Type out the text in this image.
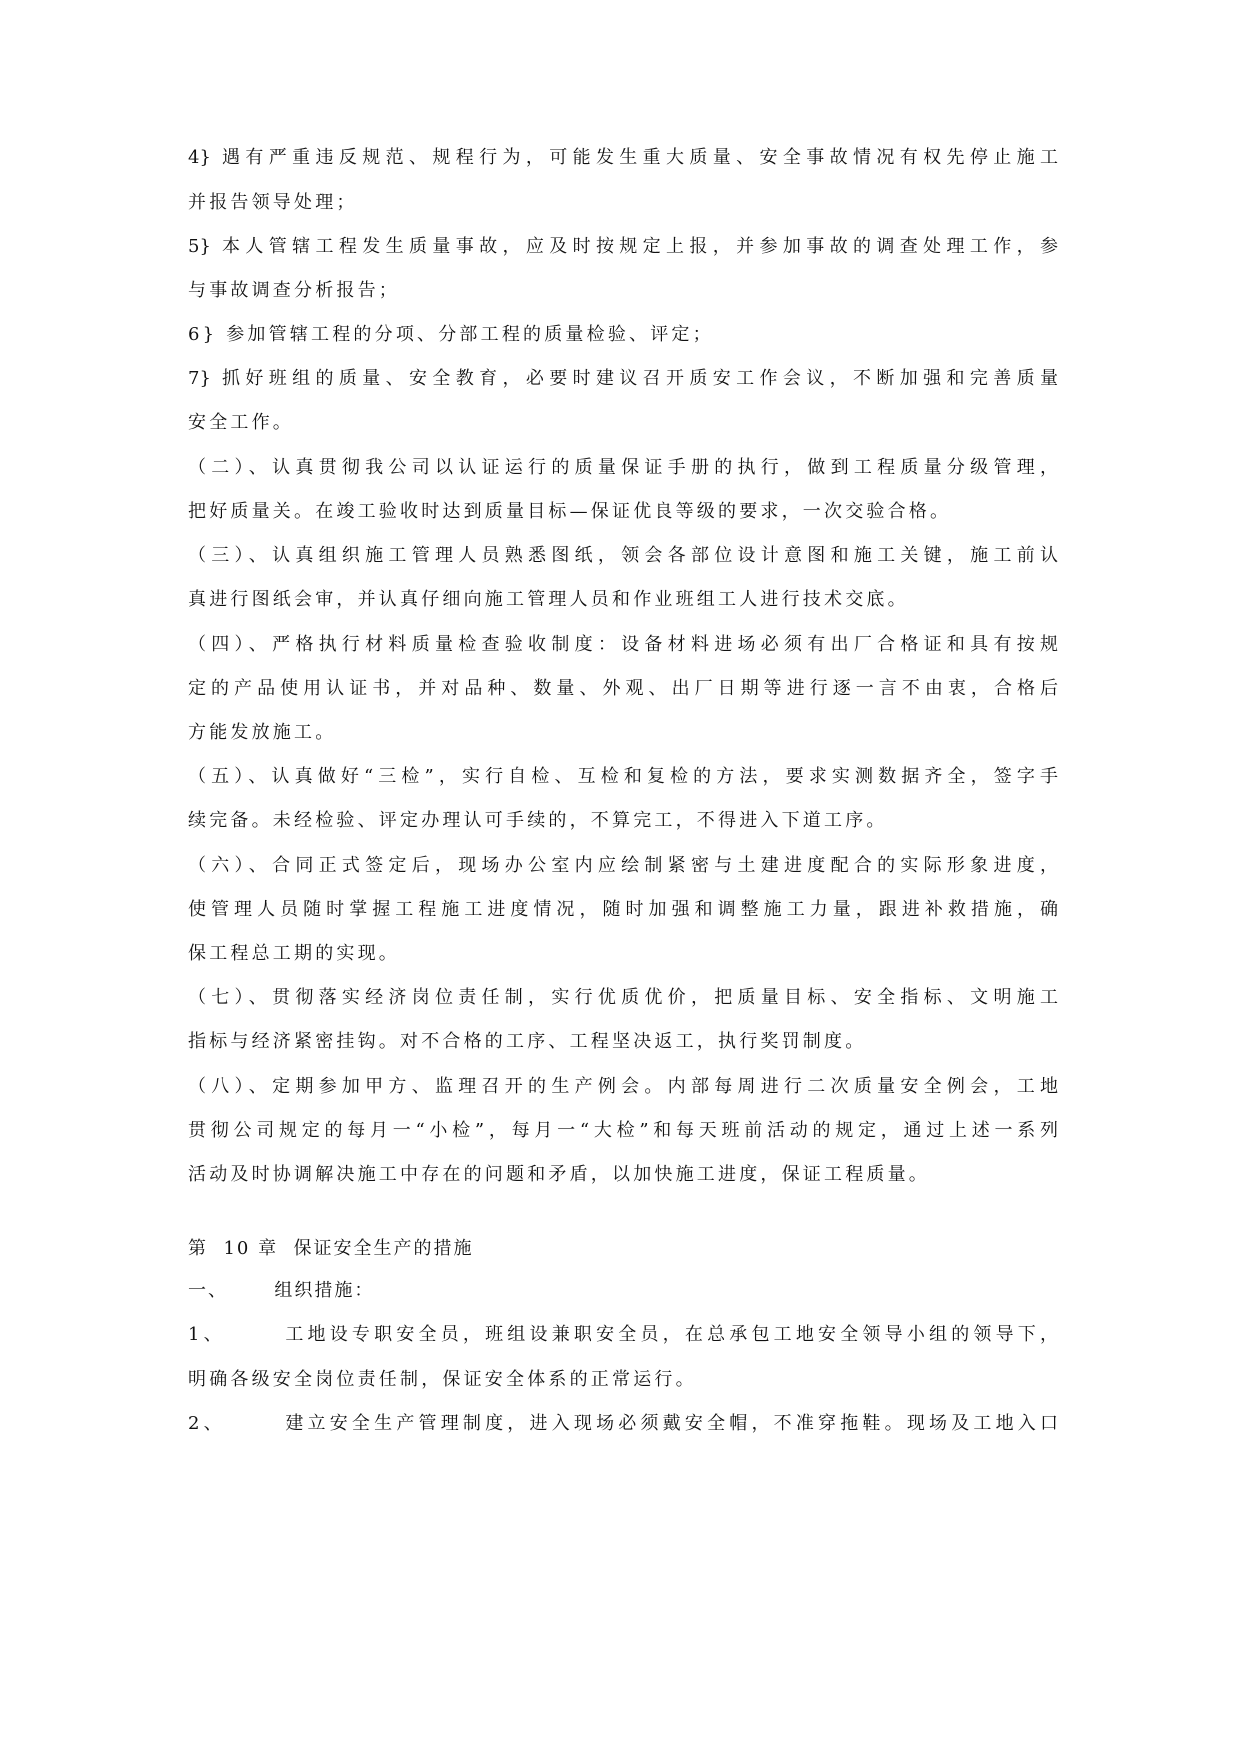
4} 遇有严重违反规范、规程行为，可能发生重大质量、安全事故情况有权先停止施工
并报告领导处理；
5} 本人管辖工程发生质量事故，应及时按规定上报，并参加事故的调查处理工作，参
与事故调查分析报告；
6} 参加管辖工程的分项、分部工程的质量检验、评定；
7} 抓好班组的质量、安全教育，必要时建议召开质安工作会议，不断加强和完善质量
安全工作。
（二）、认真贯彻我公司以认证运行的质量保证手册的执行，做到工程质量分级管理，
把好质量关。在竣工验收时达到质量目标—保证优良等级的要求，一次交验合格。
（三）、认真组织施工管理人员熟悉图纸，领会各部位设计意图和施工关键，施工前认
真进行图纸会审，并认真仔细向施工管理人员和作业班组工人进行技术交底。
（四）、严格执行材料质量检查验收制度：设备材料进场必须有出厂合格证和具有按规
定的产品使用认证书，并对品种、数量、外观、出厂日期等进行逐一言不由衷，合格后
方能发放施工。
（五）、认真做好“三检”，实行自检、互检和复检的方法，要求实测数据齐全，签字手
续完备。未经检验、评定办理认可手续的，不算完工，不得进入下道工序。
（六）、合同正式签定后，现场办公室内应绘制紧密与土建进度配合的实际形象进度，
使管理人员随时掌握工程施工进度情况，随时加强和调整施工力量，跟进补救措施，确
保工程总工期的实现。
（七）、贯彻落实经济岗位责任制，实行优质优价，把质量目标、安全指标、文明施工
指标与经济紧密挂钩。对不合格的工序、工程坚决返工，执行奖罚制度。
（八）、定期参加甲方、监理召开的生产例会。内部每周进行二次质量安全例会，工地
贯彻公司规定的每月一“小检”，每月一“大检”和每天班前活动的规定，通过上述一系列
活动及时协调解决施工中存在的问题和矛盾，以加快施工进度，保证工程质量。
第  10 章  保证安全生产的措施
一、      组织措施：
1、      工地设专职安全员，班组设兼职安全员，在总承包工地安全领导小组的领导下，
明确各级安全岗位责任制，保证安全体系的正常运行。
2、      建立安全生产管理制度，进入现场必须戴安全帽，不准穿拖鞋。现场及工地入口
